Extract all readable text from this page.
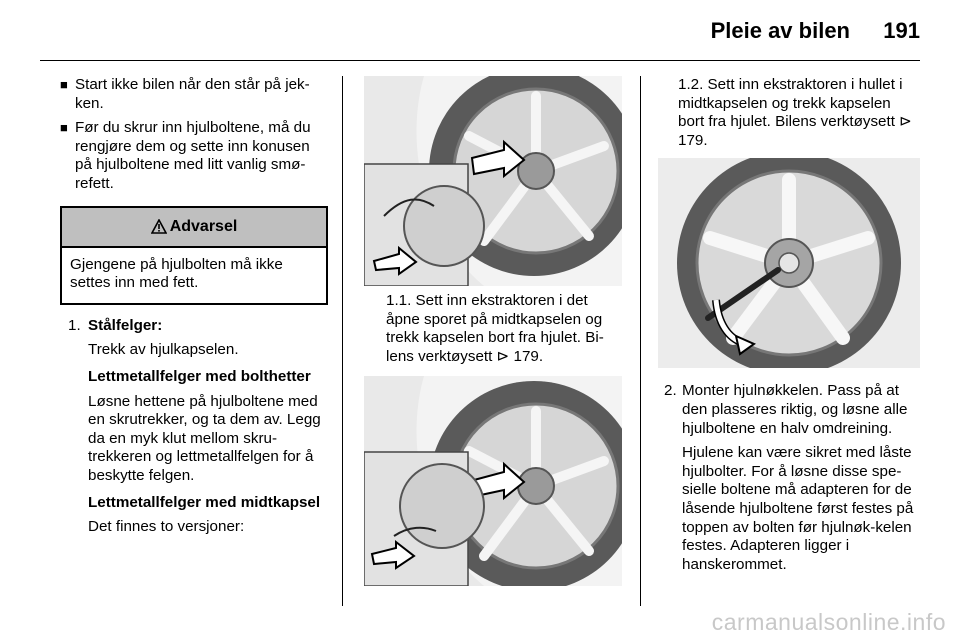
Pleie av bilen 191
■ Start ikke bilen når den står på jek-ken.
■ Før du skrur inn hjulboltene, må du rengjøre dem og sette inn konusen på hjulboltene med litt vanlig smø-refett.
Advarsel
Gjengene på hjulbolten må ikke settes inn med fett.
1. Stålfelger:
Trekk av hjulkapselen.
Lettmetallfelger med bolthetter
Løsne hettene på hjulboltene med en skrutrekker, og ta dem av. Legg da en myk klut mellom skru-trekkeren og lettmetallfelgen for å beskytte felgen.
Lettmetallfelger med midtkapsel
Det finnes to versjoner:
1.1. Sett inn ekstraktoren i det åpne sporet på midtkapselen og trekk kapselen bort fra hjulet. Bi-lens verktøysett ⊳ 179.
1.2. Sett inn ekstraktoren i hullet i midtkapselen og trekk kapselen bort fra hjulet. Bilens verktøysett ⊳ 179.
2. Monter hjulnøkkelen. Pass på at den plasseres riktig, og løsne alle hjulboltene en halv omdreining.
Hjulene kan være sikret med låste hjulbolter. For å løsne disse spe-sielle boltene må adapteren for de låsende hjulboltene først festes på toppen av bolten før hjulnøk-kelen festes. Adapteren ligger i hanskerommet.
carmanualsonline.info
